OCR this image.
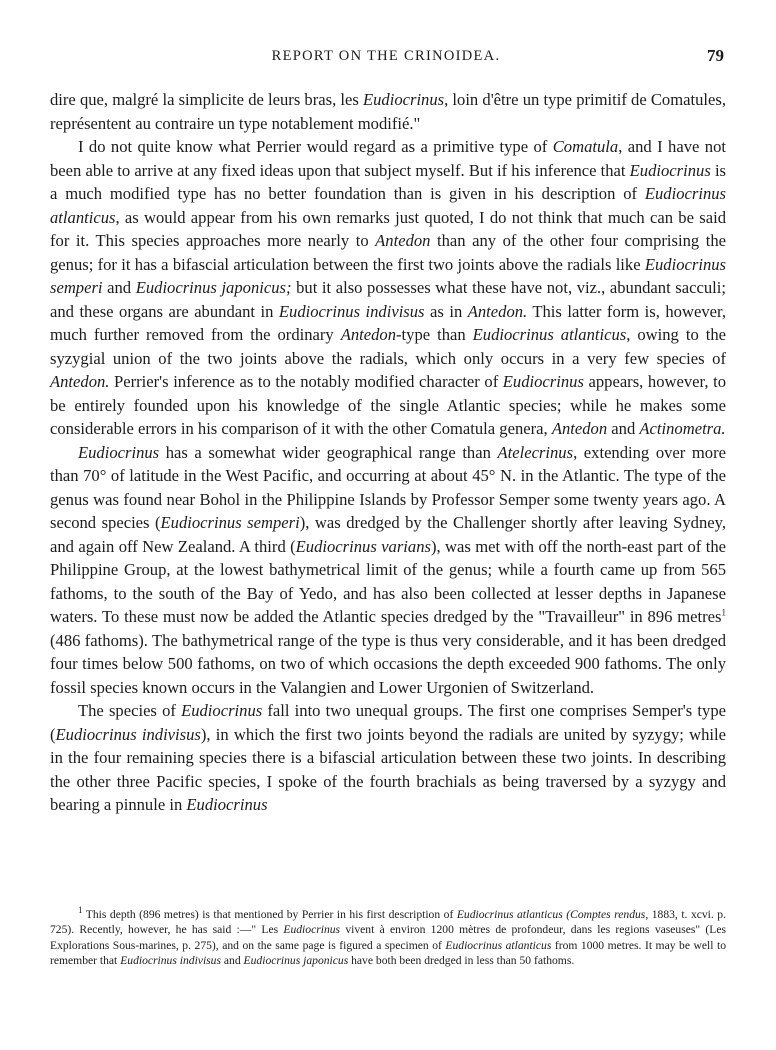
REPORT ON THE CRINOIDEA.	79

dire que, malgré la simplicite de leurs bras, les Eudiocrinus, loin d'être un type primitif de Comatules, représentent au contraire un type notablement modifié."

I do not quite know what Perrier would regard as a primitive type of Comatula, and I have not been able to arrive at any fixed ideas upon that subject myself. But if his inference that Eudiocrinus is a much modified type has no better foundation than is given in his description of Eudiocrinus atlanticus, as would appear from his own remarks just quoted, I do not think that much can be said for it. This species approaches more nearly to Antedon than any of the other four comprising the genus; for it has a bifascial articulation between the first two joints above the radials like Eudiocrinus semperi and Eudiocrinus japonicus; but it also possesses what these have not, viz., abundant sacculi; and these organs are abundant in Eudiocrinus indivisus as in Antedon. This latter form is, however, much further removed from the ordinary Antedon-type than Eudiocrinus atlanticus, owing to the syzygial union of the two joints above the radials, which only occurs in a very few species of Antedon. Perrier's inference as to the notably modified character of Eudiocrinus appears, however, to be entirely founded upon his knowledge of the single Atlantic species; while he makes some considerable errors in his comparison of it with the other Comatula genera, Antedon and Actinometra.

Eudiocrinus has a somewhat wider geographical range than Atelecrinus, extending over more than 70° of latitude in the West Pacific, and occurring at about 45° N. in the Atlantic. The type of the genus was found near Bohol in the Philippine Islands by Professor Semper some twenty years ago. A second species (Eudiocrinus semperi), was dredged by the Challenger shortly after leaving Sydney, and again off New Zealand. A third (Eudiocrinus varians), was met with off the north-east part of the Philippine Group, at the lowest bathymetrical limit of the genus; while a fourth came up from 565 fathoms, to the south of the Bay of Yedo, and has also been collected at lesser depths in Japanese waters. To these must now be added the Atlantic species dredged by the "Travailleur" in 896 metres$^1$ (486 fathoms). The bathymetrical range of the type is thus very considerable, and it has been dredged four times below 500 fathoms, on two of which occasions the depth exceeded 900 fathoms. The only fossil species known occurs in the Valangien and Lower Urgonien of Switzerland.

The species of Eudiocrinus fall into two unequal groups. The first one comprises Semper's type (Eudiocrinus indivisus), in which the first two joints beyond the radials are united by syzygy; while in the four remaining species there is a bifascial articulation between these two joints. In describing the other three Pacific species, I spoke of the fourth brachials as being traversed by a syzygy and bearing a pinnule in Eudiocrinus

$^1$ This depth (896 metres) is that mentioned by Perrier in his first description of Eudiocrinus atlanticus (Comptes rendus, 1883, t. xcvi. p. 725). Recently, however, he has said :—" Les Eudiocrinus vivent à environ 1200 mètres de profondeur, dans les regions vaseuses" (Les Explorations Sous-marines, p. 275), and on the same page is figured a specimen of Eudiocrinus atlanticus from 1000 metres. It may be well to remember that Eudiocrinus indivisus and Eudiocrinus japonicus have both been dredged in less than 50 fathoms.
